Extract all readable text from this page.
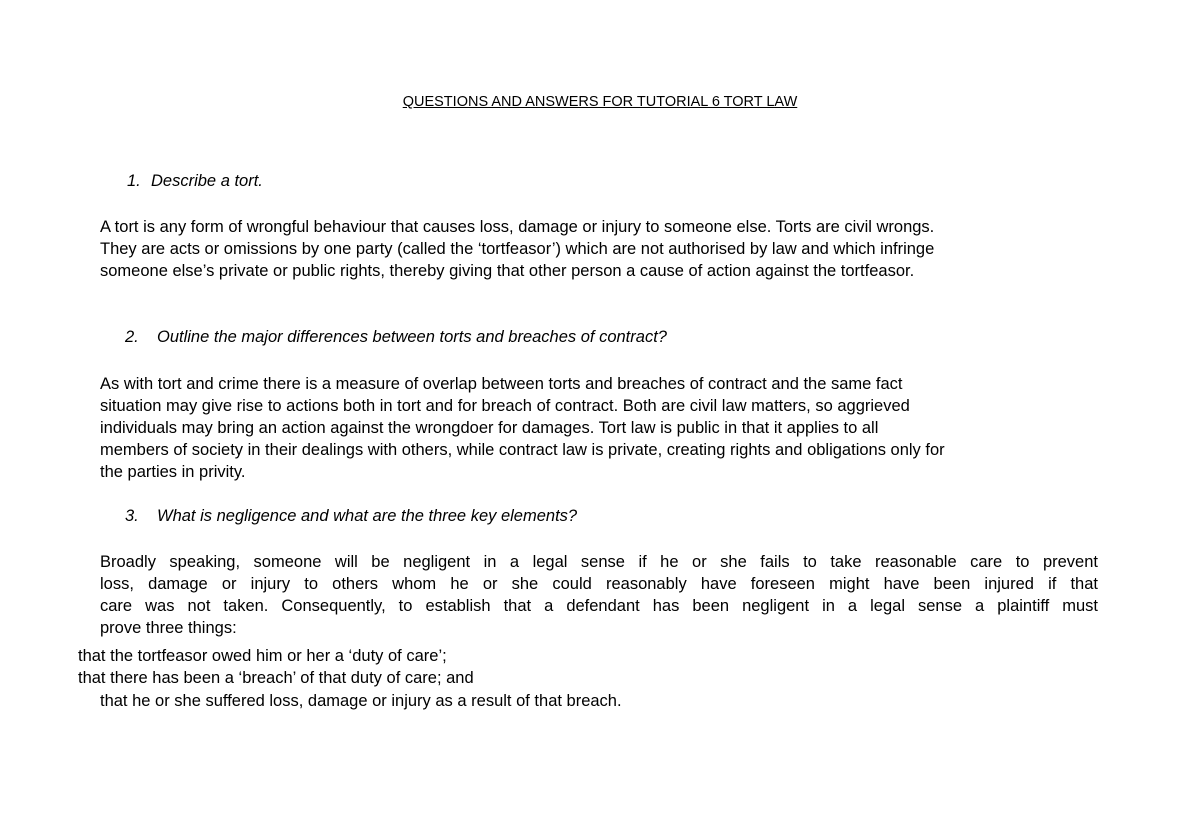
QUESTIONS AND ANSWERS FOR TUTORIAL 6 TORT LAW
1. Describe a tort.
A tort is any form of wrongful behaviour that causes loss, damage or injury to someone else. Torts are civil wrongs.
They are acts or omissions by one party (called the ‘tortfeasor’) which are not authorised by law and which infringe
someone else’s private or public rights, thereby giving that other person a cause of action against the tortfeasor.
2. Outline the major differences between torts and breaches of contract?
As with tort and crime there is a measure of overlap between torts and breaches of contract and the same fact
situation may give rise to actions both in tort and for breach of contract. Both are civil law matters, so aggrieved
individuals may bring an action against the wrongdoer for damages. Tort law is public in that it applies to all
members of society in their dealings with others, while contract law is private, creating rights and obligations only for
the parties in privity.
3. What is negligence and what are the three key elements?
Broadly speaking, someone will be negligent in a legal sense if he or she fails to take reasonable care to prevent
loss, damage or injury to others whom he or she could reasonably have foreseen might have been injured if that
care was not taken. Consequently, to establish that a defendant has been negligent in a legal sense a plaintiff must
prove three things:
that the tortfeasor owed him or her a ‘duty of care’;
that there has been a ‘breach’ of that duty of care; and
that he or she suffered loss, damage or injury as a result of that breach.
